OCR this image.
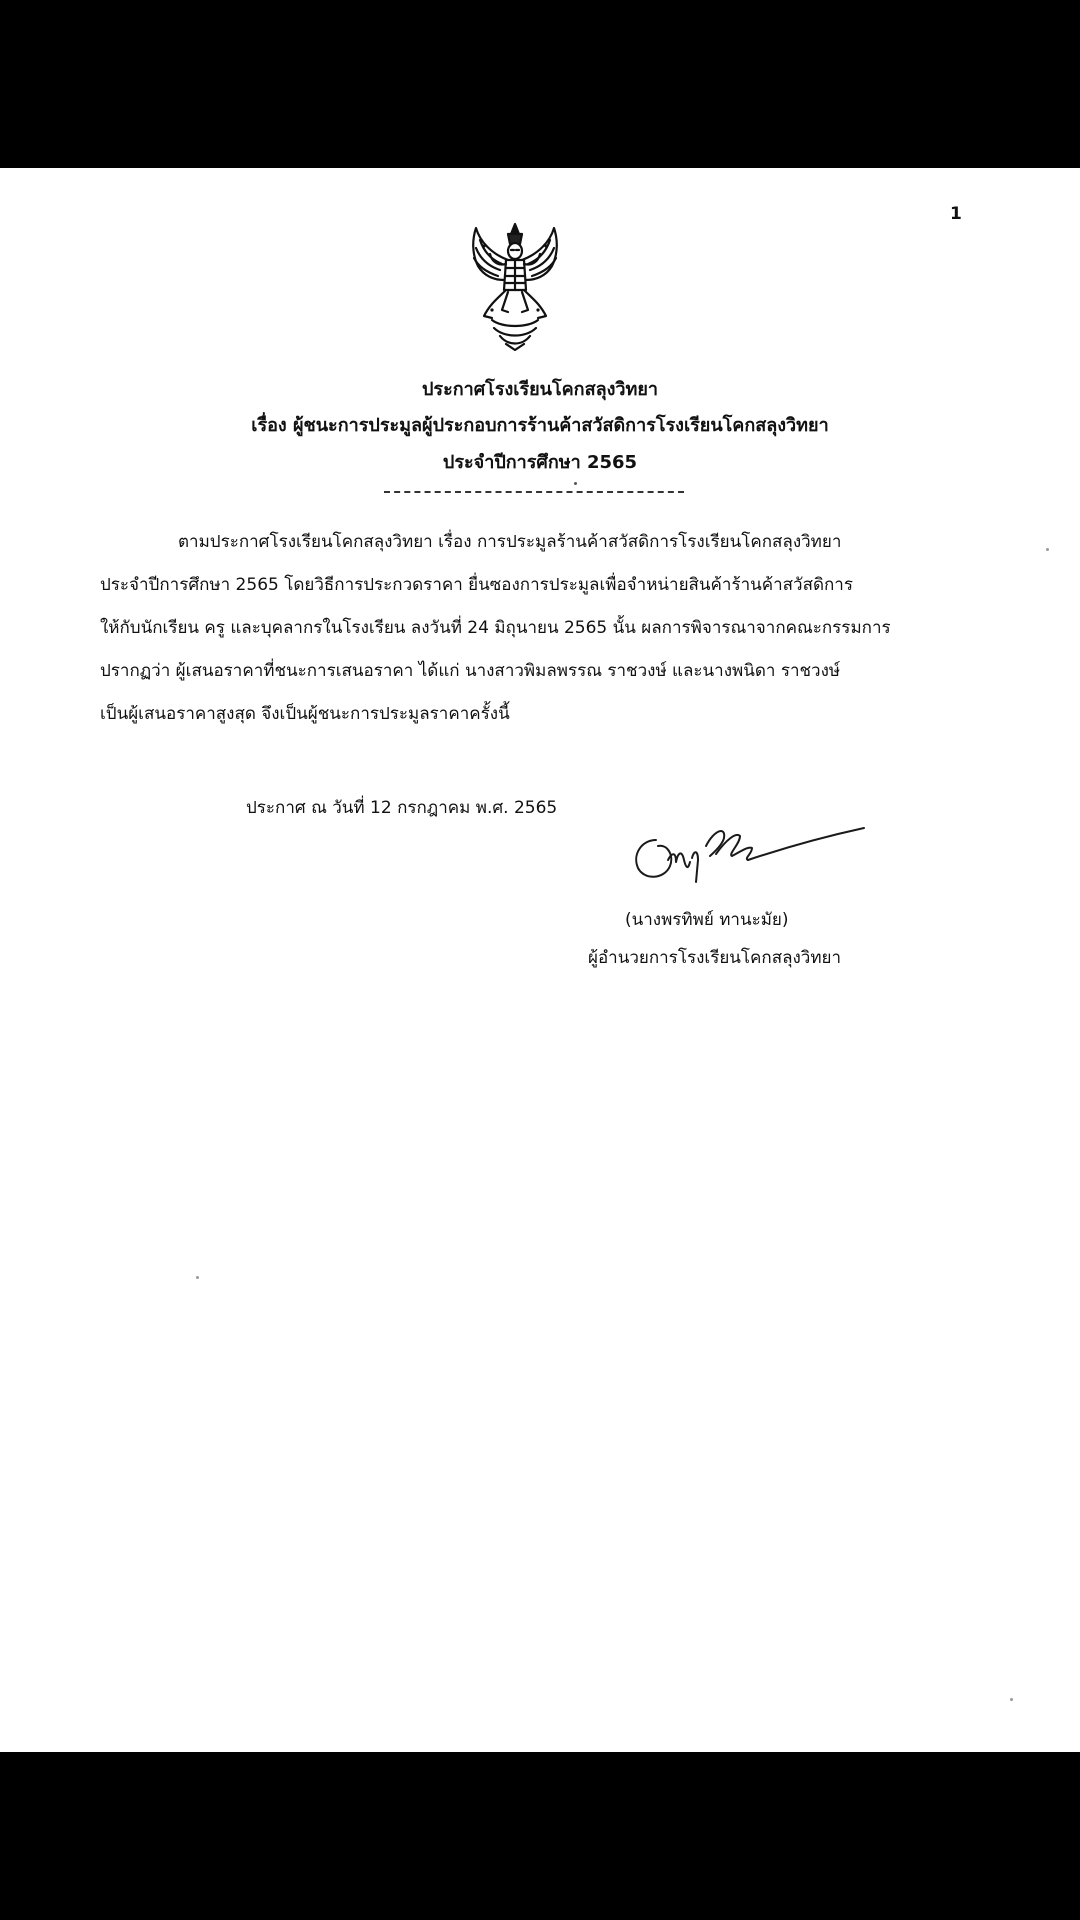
1
ประกาศโรงเรียนโคกสลุงวิทยา
เรื่อง ผู้ชนะการประมูลผู้ประกอบการร้านค้าสวัสดิการโรงเรียนโคกสลุงวิทยา
ประจำปีการศึกษา 2565
ตามประกาศโรงเรียนโคกสลุงวิทยา เรื่อง การประมูลร้านค้าสวัสดิการโรงเรียนโคกสลุงวิทยา
ประจำปีการศึกษา 2565 โดยวิธีการประกวดราคา ยื่นซองการประมูลเพื่อจำหน่ายสินค้าร้านค้าสวัสดิการ
ให้กับนักเรียน ครู และบุคลากรในโรงเรียน ลงวันที่ 24 มิถุนายน 2565 นั้น ผลการพิจารณาจากคณะกรรมการ
ปรากฏว่า ผู้เสนอราคาที่ชนะการเสนอราคา ได้แก่ นางสาวพิมลพรรณ ราชวงษ์ และนางพนิดา ราชวงษ์
เป็นผู้เสนอราคาสูงสุด จึงเป็นผู้ชนะการประมูลราคาครั้งนี้
ประกาศ ณ วันที่ 12 กรกฎาคม พ.ศ. 2565
(นางพรทิพย์ ทานะมัย)
ผู้อำนวยการโรงเรียนโคกสลุงวิทยา
